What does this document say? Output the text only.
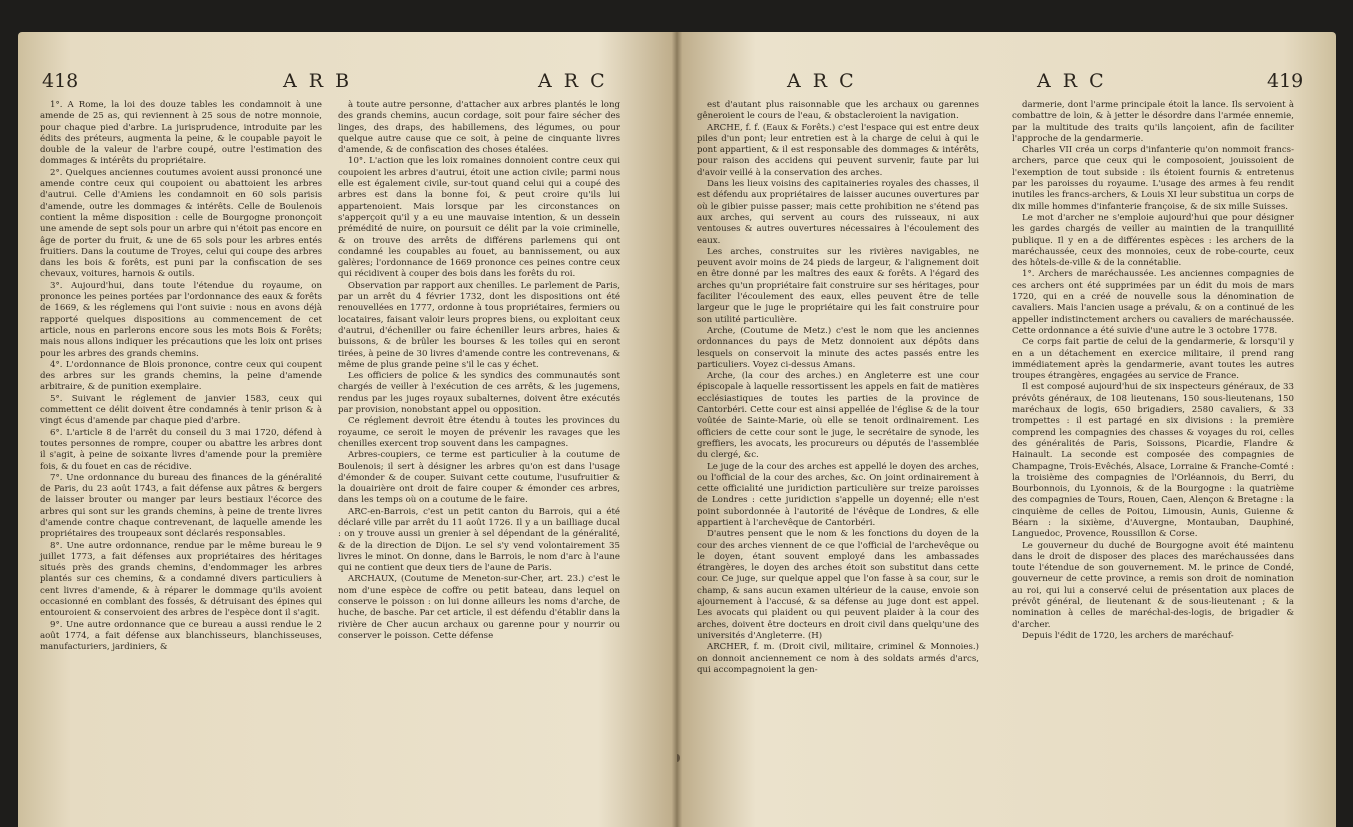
418	A R B	A R C

1°. A Rome, la loi des douze tables les condamnoit à une amende de 25 as, qui reviennent à 25 sous de notre monnoie, pour chaque pied d'arbre. La jurisprudence, introduite par les édits des préteurs, augmenta la peine, & le coupable payoit le double de la valeur de l'arbre coupé, outre l'estimation des dommages & intérêts du propriétaire.

2°. Quelques anciennes coutumes avoient aussi prononcé une amende contre ceux qui coupoient ou abattoient les arbres d'autrui. Celle d'Amiens les condamnoit en 60 sols parisis d'amende, outre les dommages & intérêts. Celle de Boulenois contient la même disposition : celle de Bourgogne prononçoit une amende de sept sols pour un arbre qui n'étoit pas encore en âge de porter du fruit, & une de 65 sols pour les arbres entés fruitiers. Dans la coutume de Troyes, celui qui coupe des arbres dans les bois & forêts, est puni par la confiscation de ses chevaux, voitures, harnois & outils.

3°. Aujourd'hui, dans toute l'étendue du royaume, on prononce les peines portées par l'ordonnance des eaux & forêts de 1669, & les réglemens qui l'ont suivie : nous en avons déjà rapporté quelques dispositions au commencement de cet article, nous en parlerons encore sous les mots Bois & Forêts; mais nous allons indiquer les précautions que les loix ont prises pour les arbres des grands chemins.

4°. L'ordonnance de Blois prononce, contre ceux qui coupent des arbres sur les grands chemins, la peine d'amende arbitraire, & de punition exemplaire.

5°. Suivant le réglement de janvier 1583, ceux qui commettent ce délit doivent être condamnés à tenir prison & à vingt écus d'amende par chaque pied d'arbre.

6°. L'article 8 de l'arrêt du conseil du 3 mai 1720, défend à toutes personnes de rompre, couper ou abattre les arbres dont il s'agit, à peine de soixante livres d'amende pour la première fois, & du fouet en cas de récidive.

7°. Une ordonnance du bureau des finances de la généralité de Paris, du 23 août 1743, a fait défense aux pâtres & bergers de laisser brouter ou manger par leurs bestiaux l'écorce des arbres qui sont sur les grands chemins, à peine de trente livres d'amende contre chaque contrevenant, de laquelle amende les propriétaires des troupeaux sont déclarés responsables.

8°. Une autre ordonnance, rendue par le même bureau le 9 juillet 1773, a fait défenses aux propriétaires des héritages situés près des grands chemins, d'endommager les arbres plantés sur ces chemins, & a condamné divers particuliers à cent livres d'amende, & à réparer le dommage qu'ils avoient occasionné en comblant des fossés, & détruisant des épines qui entouroient & conservoient des arbres de l'espèce dont il s'agit.

9°. Une autre ordonnance que ce bureau a aussi rendue le 2 août 1774, a fait défense aux blanchisseurs, blanchisseuses, manufacturiers, jardiniers, &

à toute autre personne, d'attacher aux arbres plantés le long des grands chemins, aucun cordage, soit pour faire sécher des linges, des draps, des habillemens, des légumes, ou pour quelque autre cause que ce soit, à peine de cinquante livres d'amende, & de confiscation des choses étalées.

10°. L'action que les loix romaines donnoient contre ceux qui coupoient les arbres d'autrui, étoit une action civile; parmi nous elle est également civile, sur-tout quand celui qui a coupé des arbres est dans la bonne foi, & peut croire qu'ils lui appartenoient. Mais lorsque par les circonstances on s'apperçoit qu'il y a eu une mauvaise intention, & un dessein prémédité de nuire, on poursuit ce délit par la voie criminelle, & on trouve des arrêts de différens parlemens qui ont condamné les coupables au fouet, au bannissement, ou aux galères; l'ordonnance de 1669 prononce ces peines contre ceux qui récidivent à couper des bois dans les forêts du roi.

Observation par rapport aux chenilles. Le parlement de Paris, par un arrêt du 4 février 1732, dont les dispositions ont été renouvellées en 1777, ordonne à tous propriétaires, fermiers ou locataires, faisant valoir leurs propres biens, ou exploitant ceux d'autrui, d'écheniller ou faire écheniller leurs arbres, haies & buissons, & de brûler les bourses & les toiles qui en seront tirées, à peine de 30 livres d'amende contre les contrevenans, & même de plus grande peine s'il le cas y échet.

Les officiers de police & les syndics des communautés sont chargés de veiller à l'exécution de ces arrêts, & les jugemens, rendus par les juges royaux subalternes, doivent être exécutés par provision, nonobstant appel ou opposition.

Ce réglement devroit être étendu à toutes les provinces du royaume, ce seroit le moyen de prévenir les ravages que les chenilles exercent trop souvent dans les campagnes.

Arbres-coupiers, ce terme est particulier à la coutume de Boulenois; il sert à désigner les arbres qu'on est dans l'usage d'émonder & de couper. Suivant cette coutume, l'usufruitier & la douairière ont droit de faire couper & émonder ces arbres, dans les temps où on a coutume de le faire.

ARC-en-Barrois, c'est un petit canton du Barrois, qui a été déclaré ville par arrêt du 11 août 1726. Il y a un bailliage ducal : on y trouve aussi un grenier à sel dépendant de la généralité, & de la direction de Dijon. Le sel s'y vend volontairement 35 livres le minot. On donne, dans le Barrois, le nom d'arc à l'aune qui ne contient que deux tiers de l'aune de Paris.

ARCHAUX, (Coutume de Meneton-sur-Cher, art. 23.) c'est le nom d'une espèce de coffre ou petit bateau, dans lequel on conserve le poisson : on lui donne ailleurs les noms d'arche, de huche, de basche. Par cet article, il est défendu d'établir dans la rivière de Cher aucun archaux ou garenne pour y nourrir ou conserver le poisson. Cette défense

A R C	A R C	419

est d'autant plus raisonnable que les archaux ou garennes gêneroient le cours de l'eau, & obstacleroient la navigation.

ARCHE, f. f. (Eaux & Forêts.) c'est l'espace qui est entre deux piles d'un pont; leur entretien est à la charge de celui à qui le pont appartient, & il est responsable des dommages & intérêts, pour raison des accidens qui peuvent survenir, faute par lui d'avoir veillé à la conservation des arches.

Dans les lieux voisins des capitaineries royales des chasses, il est défendu aux propriétaires de laisser aucunes ouvertures par où le gibier puisse passer; mais cette prohibition ne s'étend pas aux arches, qui servent au cours des ruisseaux, ni aux ventouses & autres ouvertures nécessaires à l'écoulement des eaux.

Les arches, construites sur les rivières navigables, ne peuvent avoir moins de 24 pieds de largeur, & l'alignement doit en être donné par les maîtres des eaux & forêts. A l'égard des arches qu'un propriétaire fait construire sur ses héritages, pour faciliter l'écoulement des eaux, elles peuvent être de telle largeur que le juge le propriétaire qui les fait construire pour son utilité particulière.

Arche, (Coutume de Metz.) c'est le nom que les anciennes ordonnances du pays de Metz donnoient aux dépôts dans lesquels on conservoit la minute des actes passés entre les particuliers. Voyez ci-dessus Amans.

Arche, (la cour des arches.) en Angleterre est une cour épiscopale à laquelle ressortissent les appels en fait de matières ecclésiastiques de toutes les parties de la province de Cantorbéri. Cette cour est ainsi appellée de l'église & de la tour voûtée de Sainte-Marie, où elle se tenoit ordinairement. Les officiers de cette cour sont le juge, le secrétaire de synode, les greffiers, les avocats, les procureurs ou députés de l'assemblée du clergé, &c.

Le juge de la cour des arches est appellé le doyen des arches, ou l'official de la cour des arches, &c. On joint ordinairement à cette officialité une juridiction particulière sur treize paroisses de Londres : cette juridiction s'appelle un doyenné; elle n'est point subordonnée à l'autorité de l'évêque de Londres, & elle appartient à l'archevêque de Cantorbéri.

D'autres pensent que le nom & les fonctions du doyen de la cour des arches viennent de ce que l'official de l'archevêque ou le doyen, étant souvent employé dans les ambassades étrangères, le doyen des arches étoit son substitut dans cette cour. Ce juge, sur quelque appel que l'on fasse à sa cour, sur le champ, & sans aucun examen ultérieur de la cause, envoie son ajournement à l'accusé, & sa défense au juge dont est appel. Les avocats qui plaident ou qui peuvent plaider à la cour des arches, doivent être docteurs en droit civil dans quelqu'une des universités d'Angleterre. (H)

ARCHER, f. m. (Droit civil, militaire, criminel & Monnoies.) on donnoit anciennement ce nom à des soldats armés d'arcs, qui accompagnoient la gen-

darmerie, dont l'arme principale étoit la lance. Ils servoient à combattre de loin, & à jetter le désordre dans l'armée ennemie, par la multitude des traits qu'ils lançoient, afin de faciliter l'approche de la gendarmerie.

Charles VII créa un corps d'infanterie qu'on nommoit francs-archers, parce que ceux qui le composoient, jouissoient de l'exemption de tout subside : ils étoient fournis & entretenus par les paroisses du royaume. L'usage des armes à feu rendit inutiles les francs-archers, & Louis XI leur substitua un corps de dix mille hommes d'infanterie françoise, & de six mille Suisses.

Le mot d'archer ne s'emploie aujourd'hui que pour désigner les gardes chargés de veiller au maintien de la tranquillité publique. Il y en a de différentes espèces : les archers de la maréchaussée, ceux des monnoies, ceux de robe-courte, ceux des hôtels-de-ville & de la connétablie.

1°. Archers de maréchaussée. Les anciennes compagnies de ces archers ont été supprimées par un édit du mois de mars 1720, qui en a créé de nouvelle sous la dénomination de cavaliers. Mais l'ancien usage a prévalu, & on a continué de les appeller indistinctement archers ou cavaliers de maréchaussée. Cette ordonnance a été suivie d'une autre le 3 octobre 1778.

Ce corps fait partie de celui de la gendarmerie, & lorsqu'il y en a un détachement en exercice militaire, il prend rang immédiatement après la gendarmerie, avant toutes les autres troupes étrangères, engagées au service de France.

Il est composé aujourd'hui de six inspecteurs généraux, de 33 prévôts généraux, de 108 lieutenans, 150 sous-lieutenans, 150 maréchaux de logis, 650 brigadiers, 2580 cavaliers, & 33 trompettes : il est partagé en six divisions : la première comprend les compagnies des chasses & voyages du roi, celles des généralités de Paris, Soissons, Picardie, Flandre & Hainault. La seconde est composée des compagnies de Champagne, Trois-Evêchés, Alsace, Lorraine & Franche-Comté : la troisième des compagnies de l'Orléannois, du Berri, du Bourbonnois, du Lyonnois, & de la Bourgogne : la quatrième des compagnies de Tours, Rouen, Caen, Alençon & Bretagne : la cinquième de celles de Poitou, Limousin, Aunis, Guienne & Béarn : la sixième, d'Auvergne, Montauban, Dauphiné, Languedoc, Provence, Roussillon & Corse.

Le gouverneur du duché de Bourgogne avoit été maintenu dans le droit de disposer des places des maréchaussées dans toute l'étendue de son gouvernement. M. le prince de Condé, gouverneur de cette province, a remis son droit de nomination au roi, qui lui a conservé celui de présentation aux places de prévôt général, de lieutenant & de sous-lieutenant ; & la nomination à celles de maréchal-des-logis, de brigadier & d'archer.

Depuis l'édit de 1720, les archers de maréchauf-
